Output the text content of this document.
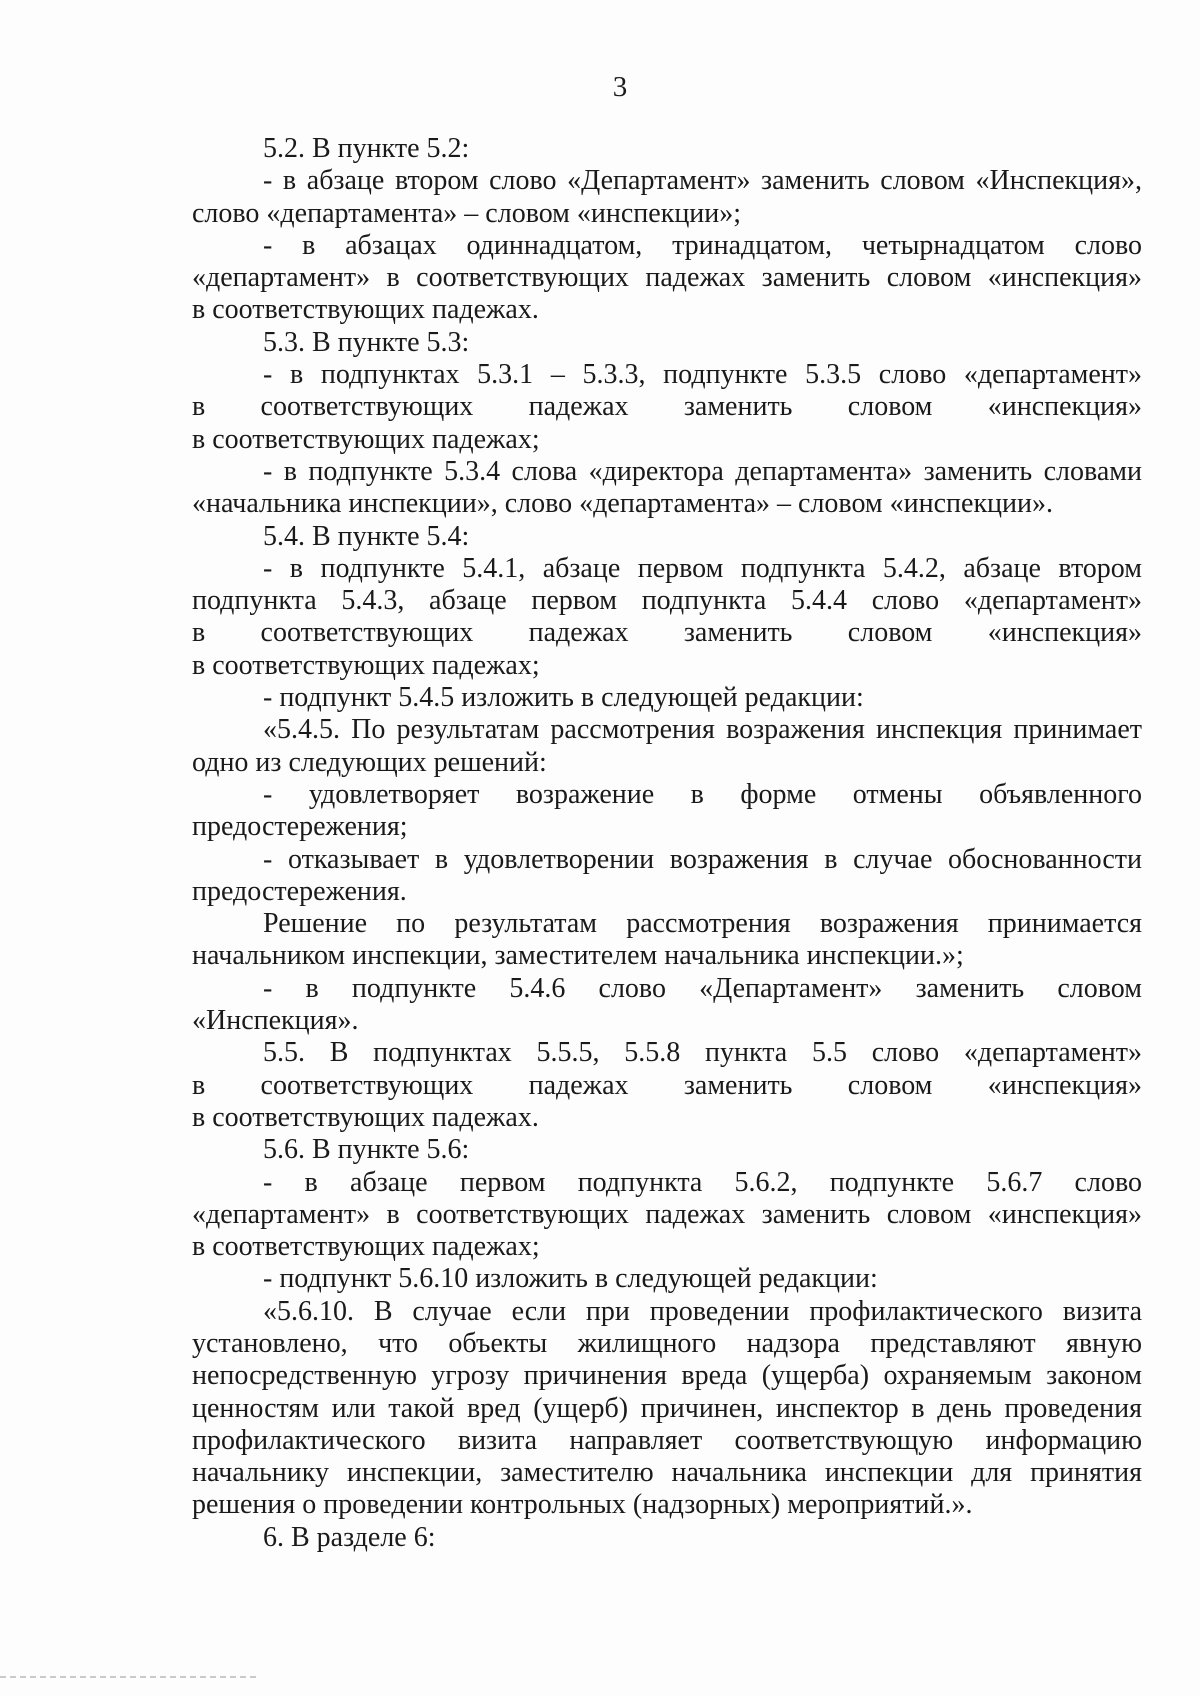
3
5.2. В пункте 5.2:
- в абзаце втором слово «Департамент» заменить словом «Инспекция»,
слово «департамента» – словом «инспекции»;
- в абзацах одиннадцатом, тринадцатом, четырнадцатом слово
«департамент» в соответствующих падежах заменить словом «инспекция»
в соответствующих падежах.
5.3. В пункте 5.3:
- в подпунктах 5.3.1 – 5.3.3, подпункте 5.3.5 слово «департамент»
в соответствующих падежах заменить словом «инспекция»
в соответствующих падежах;
- в подпункте 5.3.4 слова «директора департамента» заменить словами
«начальника инспекции», слово «департамента» – словом «инспекции».
5.4. В пункте 5.4:
- в подпункте 5.4.1, абзаце первом подпункта 5.4.2, абзаце втором
подпункта 5.4.3, абзаце первом подпункта 5.4.4 слово «департамент»
в соответствующих падежах заменить словом «инспекция»
в соответствующих падежах;
- подпункт 5.4.5 изложить в следующей редакции:
«5.4.5. По результатам рассмотрения возражения инспекция принимает
одно из следующих решений:
- удовлетворяет возражение в форме отмены объявленного
предостережения;
- отказывает в удовлетворении возражения в случае обоснованности
предостережения.
Решение по результатам рассмотрения возражения принимается
начальником инспекции, заместителем начальника инспекции.»;
- в подпункте 5.4.6 слово «Департамент» заменить словом
«Инспекция».
5.5. В подпунктах 5.5.5, 5.5.8 пункта 5.5 слово «департамент»
в соответствующих падежах заменить словом «инспекция»
в соответствующих падежах.
5.6. В пункте 5.6:
- в абзаце первом подпункта 5.6.2, подпункте 5.6.7 слово
«департамент» в соответствующих падежах заменить словом «инспекция»
в соответствующих падежах;
- подпункт 5.6.10 изложить в следующей редакции:
«5.6.10. В случае если при проведении профилактического визита
установлено, что объекты жилищного надзора представляют явную
непосредственную угрозу причинения вреда (ущерба) охраняемым законом
ценностям или такой вред (ущерб) причинен, инспектор в день проведения
профилактического визита направляет соответствующую информацию
начальнику инспекции, заместителю начальника инспекции для принятия
решения о проведении контрольных (надзорных) мероприятий.».
6. В разделе 6:
